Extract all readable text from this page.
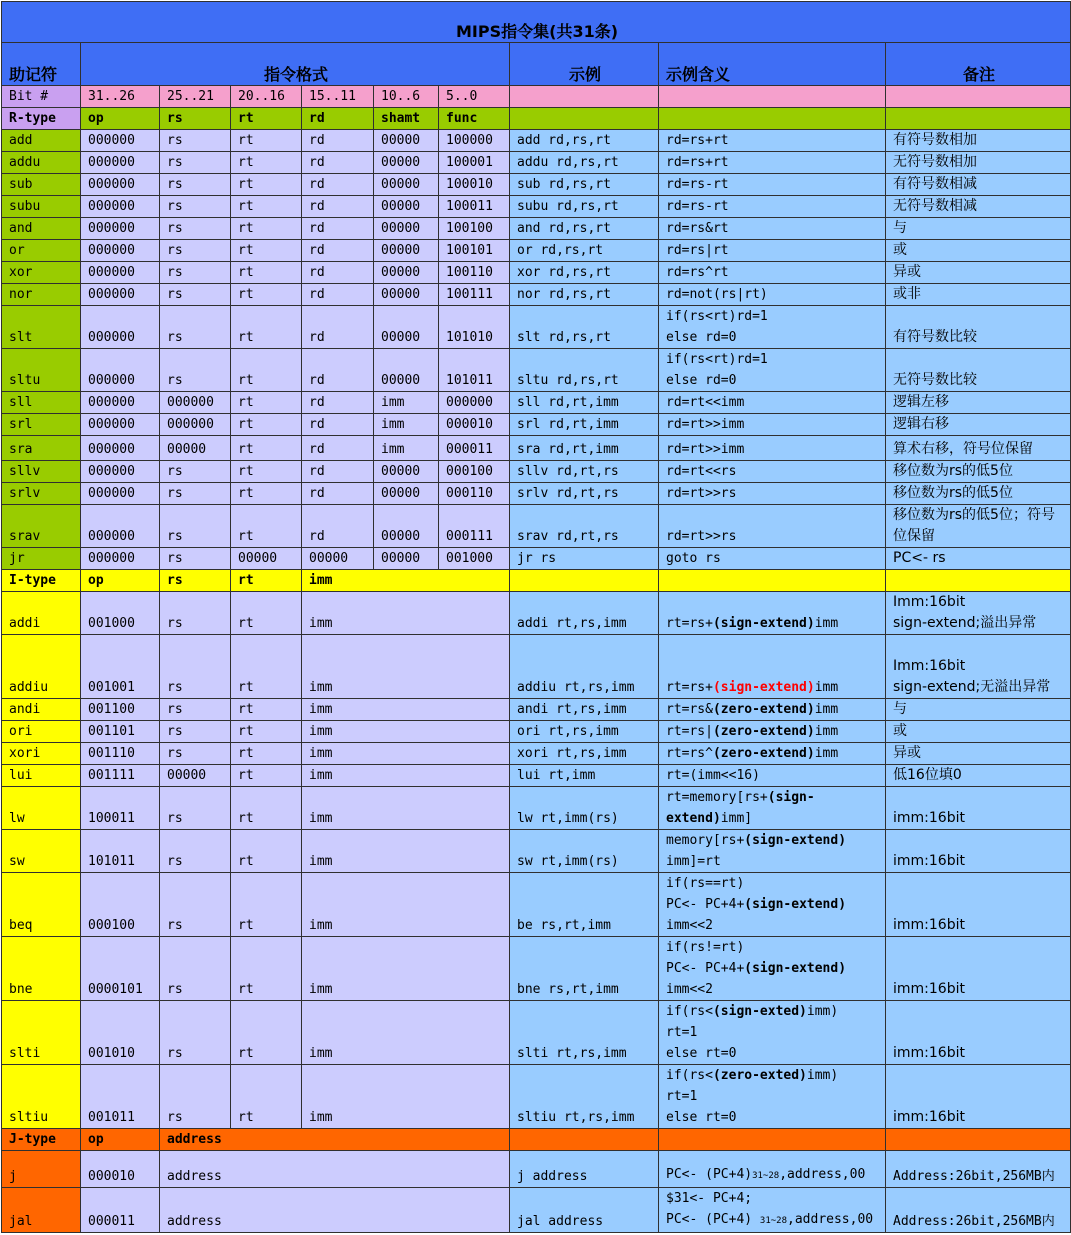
MIPS指令集(共31条)									
助记符	指令格式						示例	示例含义	备注
Bit #	31..26	25..21	20..16	15..11	10..6	5..0			
R-type	op	rs	rt	rd	shamt	func			
add	000000	rs	rt	rd	00000	100000	add rd,rs,rt	rd=rs+rt	有符号数相加
addu	000000	rs	rt	rd	00000	100001	addu rd,rs,rt	rd=rs+rt	无符号数相加
sub	000000	rs	rt	rd	00000	100010	sub rd,rs,rt	rd=rs-rt	有符号数相减
subu	000000	rs	rt	rd	00000	100011	subu rd,rs,rt	rd=rs-rt	无符号数相减
and	000000	rs	rt	rd	00000	100100	and rd,rs,rt	rd=rs&rt	与
or	000000	rs	rt	rd	00000	100101	or rd,rs,rt	rd=rs|rt	或
xor	000000	rs	rt	rd	00000	100110	xor rd,rs,rt	rd=rs^rt	异或
nor	000000	rs	rt	rd	00000	100111	nor rd,rs,rt	rd=not(rs|rt)	或非
slt	000000	rs	rt	rd	00000	101010	slt rd,rs,rt	if(rs<rt)rd=1
else rd=0	有符号数比较
sltu	000000	rs	rt	rd	00000	101011	sltu rd,rs,rt	if(rs<rt)rd=1
else rd=0	无符号数比较
sll	000000	000000	rt	rd	imm	000000	sll rd,rt,imm	rd=rt<<imm	逻辑左移
srl	000000	000000	rt	rd	imm	000010	srl rd,rt,imm	rd=rt>>imm	逻辑右移
sra	000000	00000	rt	rd	imm	000011	sra rd,rt,imm	rd=rt>>imm	算术右移，符号位保留
sllv	000000	rs	rt	rd	00000	000100	sllv rd,rt,rs	rd=rt<<rs	移位数为rs的低5位
srlv	000000	rs	rt	rd	00000	000110	srlv rd,rt,rs	rd=rt>>rs	移位数为rs的低5位
srav	000000	rs	rt	rd	00000	000111	srav rd,rt,rs	rd=rt>>rs	移位数为rs的低5位；符号位保留
jr	000000	rs	00000	00000	00000	001000	jr rs	goto rs	PC<- rs
I-type	op	rs	rt	imm					
addi	001000	rs	rt	imm			addi rt,rs,imm	rt=rs+(sign-extend)imm	Imm:16bit
sign-extend;溢出异常
addiu	001001	rs	rt	imm			addiu rt,rs,imm	rt=rs+(sign-extend)imm	Imm:16bit
sign-extend;无溢出异常
andi	001100	rs	rt	imm			andi rt,rs,imm	rt=rs&(zero-extend)imm	与
ori	001101	rs	rt	imm			ori rt,rs,imm	rt=rs|(zero-extend)imm	或
xori	001110	rs	rt	imm			xori rt,rs,imm	rt=rs^(zero-extend)imm	异或
lui	001111	00000	rt	imm			lui rt,imm	rt=(imm<<16)	低16位填0
lw	100011	rs	rt	imm			lw rt,imm(rs)	rt=memory[rs+(sign-
extend)imm]	imm:16bit
sw	101011	rs	rt	imm			sw rt,imm(rs)	memory[rs+(sign-extend)
imm]=rt	imm:16bit
beq	000100	rs	rt	imm			be rs,rt,imm	if(rs==rt)
PC<- PC+4+(sign-extend)
imm<<2	imm:16bit
bne	0000101	rs	rt	imm			bne rs,rt,imm	if(rs!=rt)
PC<- PC+4+(sign-extend)
imm<<2	imm:16bit
slti	001010	rs	rt	imm			slti rt,rs,imm	if(rs<(sign-exted)imm)
rt=1
else rt=0	imm:16bit
sltiu	001011	rs	rt	imm			sltiu rt,rs,imm	if(rs<(zero-exted)imm)
rt=1
else rt=0	imm:16bit
J-type	op	address							
j	000010	address					j address	PC<- (PC+4)31~28,address,00	Address:26bit,256MB内
jal	000011	address					jal address	$31<- PC+4;
PC<- (PC+4) 31~28,address,00	Address:26bit,256MB内
